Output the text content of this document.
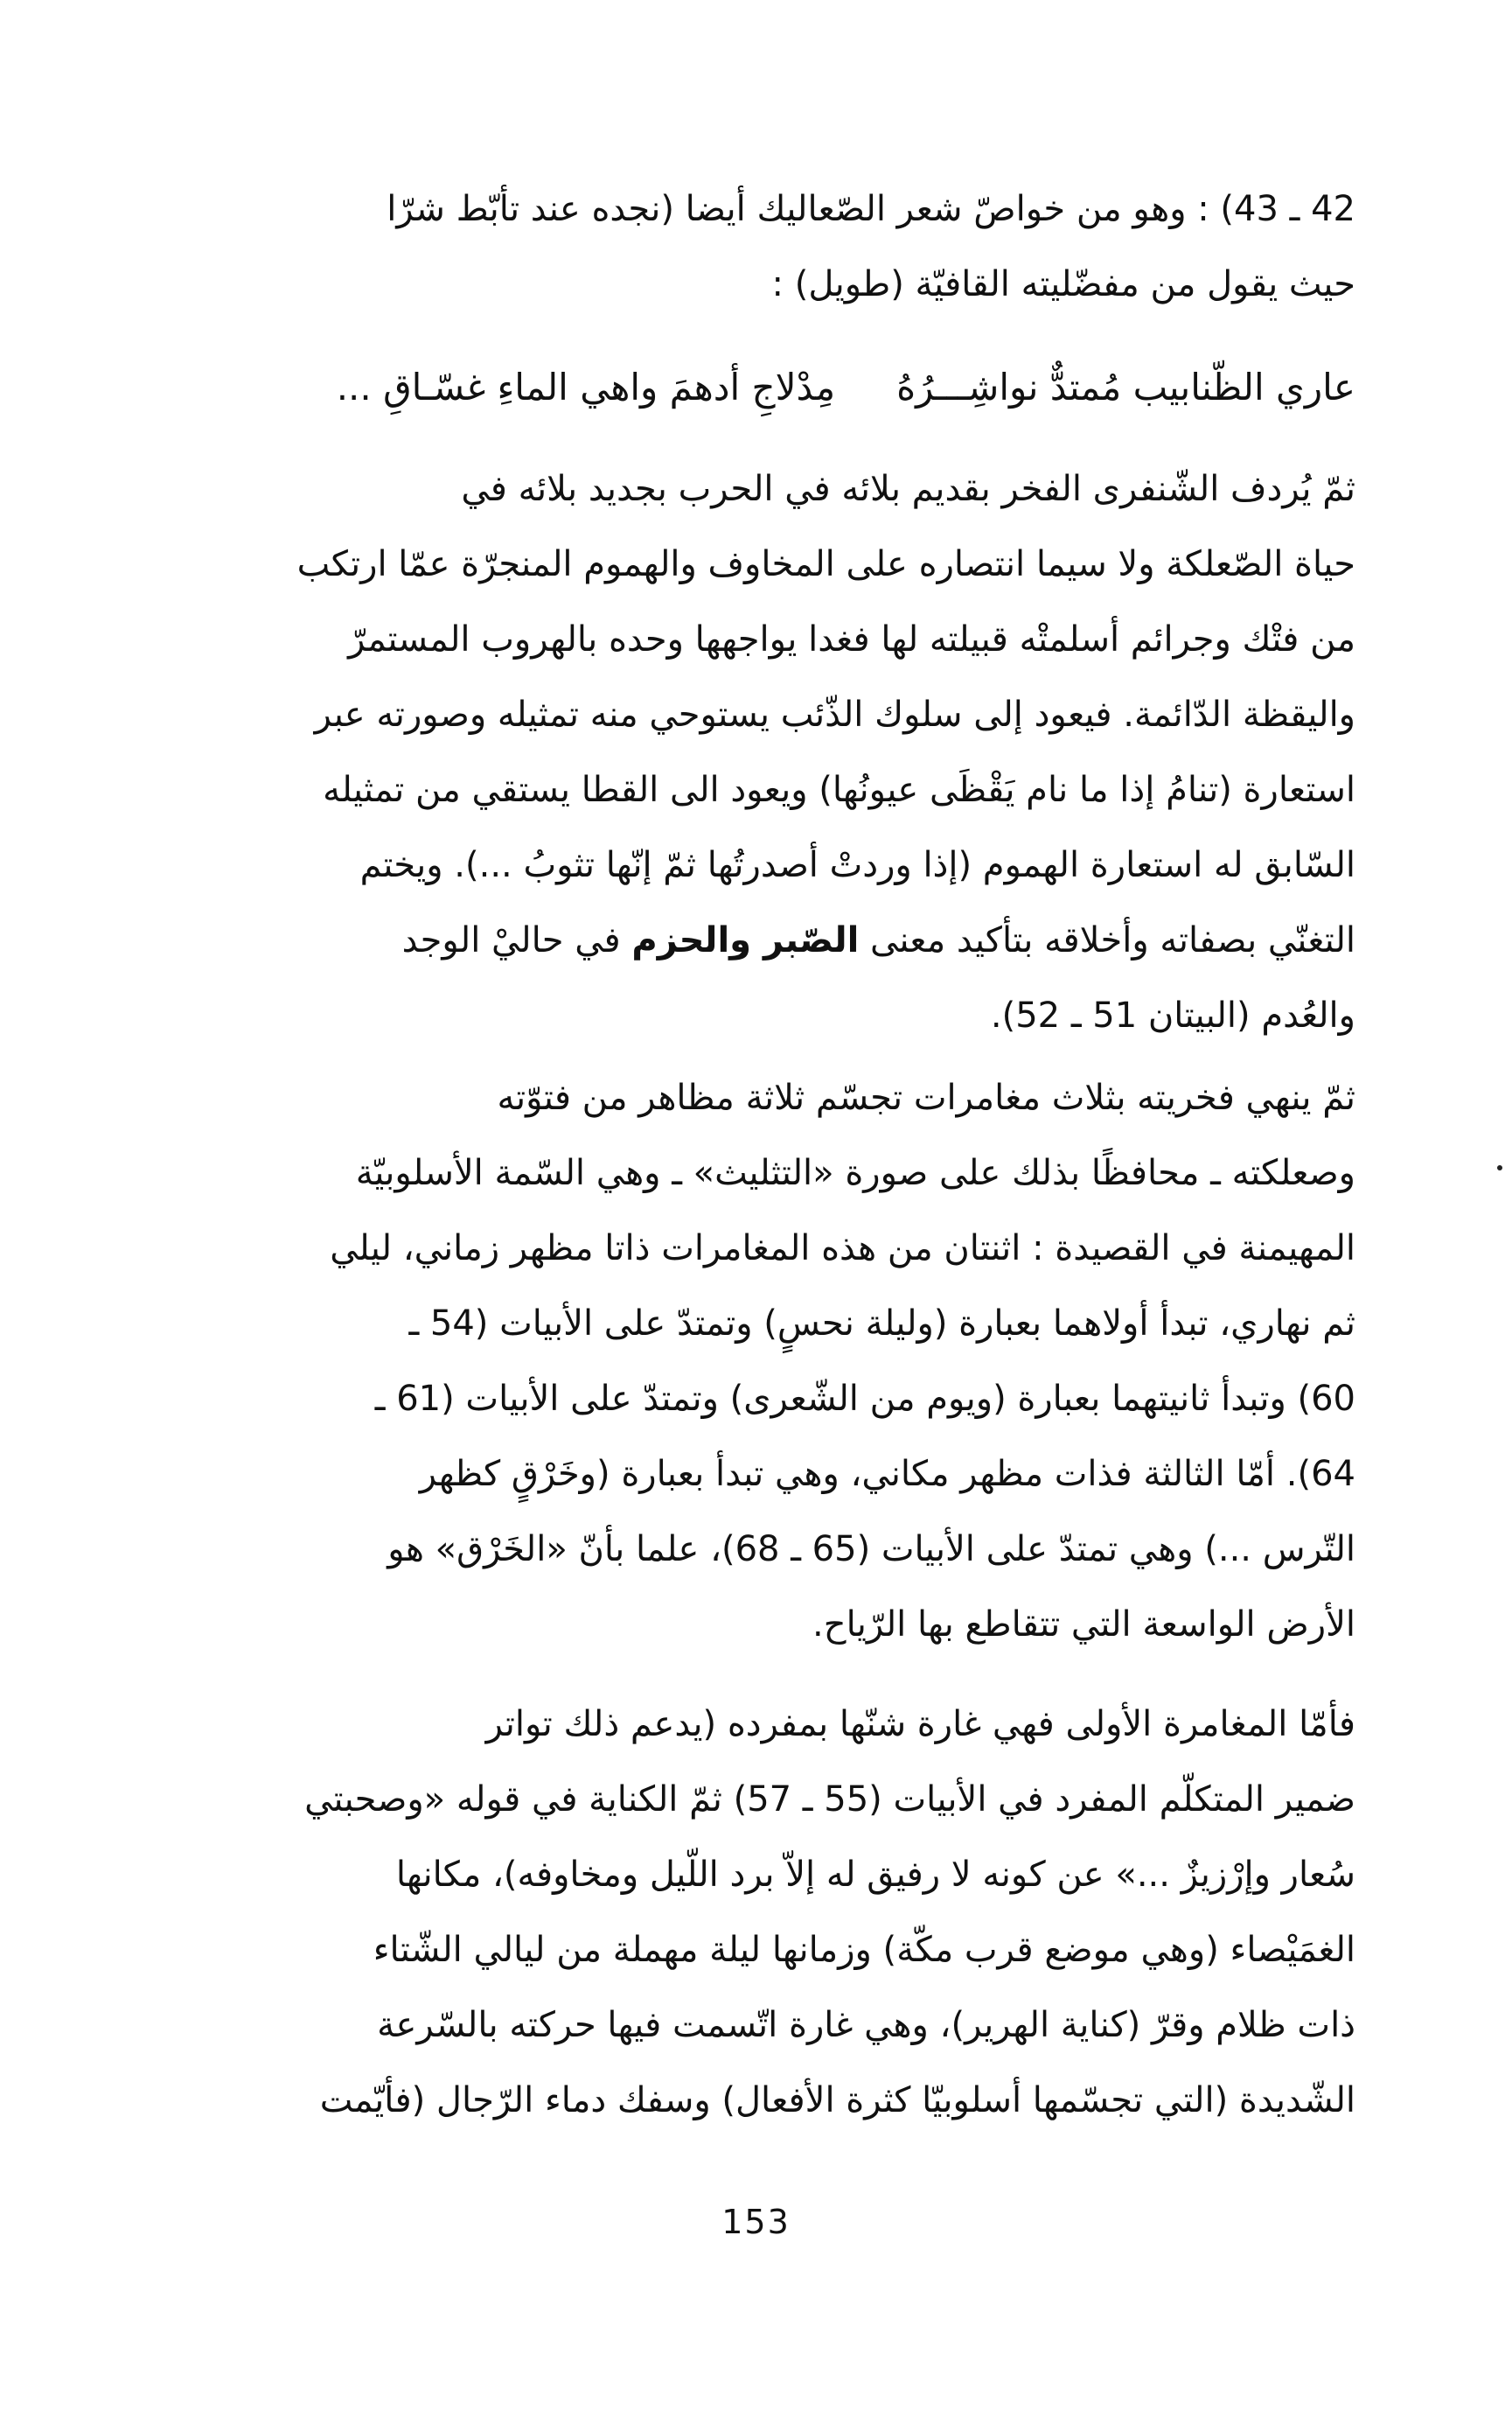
42 ـ 43) : وهو من خواصّ شعر الصّعاليك أيضا (نجده عند تأبّط شرّا
حيث يقول من مفضّليته القافيّة (طويل) :
عاري الظّنابيب مُمتدٌّ نواشِـــرُهُمِدْلاجِ أدهمَ واهي الماءِ غسّـاقِ ...
ثمّ يُردف الشّنفرى الفخر بقديم بلائه في الحرب بجديد بلائه في
حياة الصّعلكة ولا سيما انتصاره على المخاوف والهموم المنجرّة عمّا ارتكب
من فتْك وجرائم أسلمتْه قبيلته لها فغدا يواجهها وحده بالهروب المستمرّ
واليقظة الدّائمة. فيعود إلى سلوك الذّئب يستوحي منه تمثيله وصورته عبر
استعارة (تنامُ إذا ما نام يَقْظَى عيونُها) ويعود الى القطا يستقي من تمثيله
السّابق له استعارة الهموم (إذا وردتْ أصدرتُها ثمّ إنّها تثوبُ ...). ويختم
التغنّي بصفاته وأخلاقه بتأكيد معنى الصّبر والحزم في حاليْ الوجد
والعُدم (البيتان 51 ـ 52).
ثمّ ينهي فخريته بثلاث مغامرات تجسّم ثلاثة مظاهر من فتوّته
وصعلكته ـ محافظًا بذلك على صورة «التثليث» ـ وهي السّمة الأسلوبيّة
المهيمنة في القصيدة : اثنتان من هذه المغامرات ذاتا مظهر زماني، ليلي
ثم نهاري، تبدأ أولاهما بعبارة (وليلة نحسٍ) وتمتدّ على الأبيات (54 ـ
60) وتبدأ ثانيتهما بعبارة (ويوم من الشّعرى) وتمتدّ على الأبيات (61 ـ
64). أمّا الثالثة فذات مظهر مكاني، وهي تبدأ بعبارة (وخَرْقٍ كظهر
التّرس ...) وهي تمتدّ على الأبيات (65 ـ 68)، علما بأنّ «الخَرْق» هو
الأرض الواسعة التي تتقاطع بها الرّياح.
فأمّا المغامرة الأولى فهي غارة شنّها بمفرده (يدعم ذلك تواتر
ضمير المتكلّم المفرد في الأبيات (55 ـ 57) ثمّ الكناية في قوله «وصحبتي
سُعار وإرْزيزٌ ...» عن كونه لا رفيق له إلاّ برد اللّيل ومخاوفه)، مكانها
الغمَيْصاء (وهي موضع قرب مكّة) وزمانها ليلة مهملة من ليالي الشّتاء
ذات ظلام وقرّ (كناية الهرير)، وهي غارة اتّسمت فيها حركته بالسّرعة
الشّديدة (التي تجسّمها أسلوبيّا كثرة الأفعال) وسفك دماء الرّجال (فأيّمت
153
